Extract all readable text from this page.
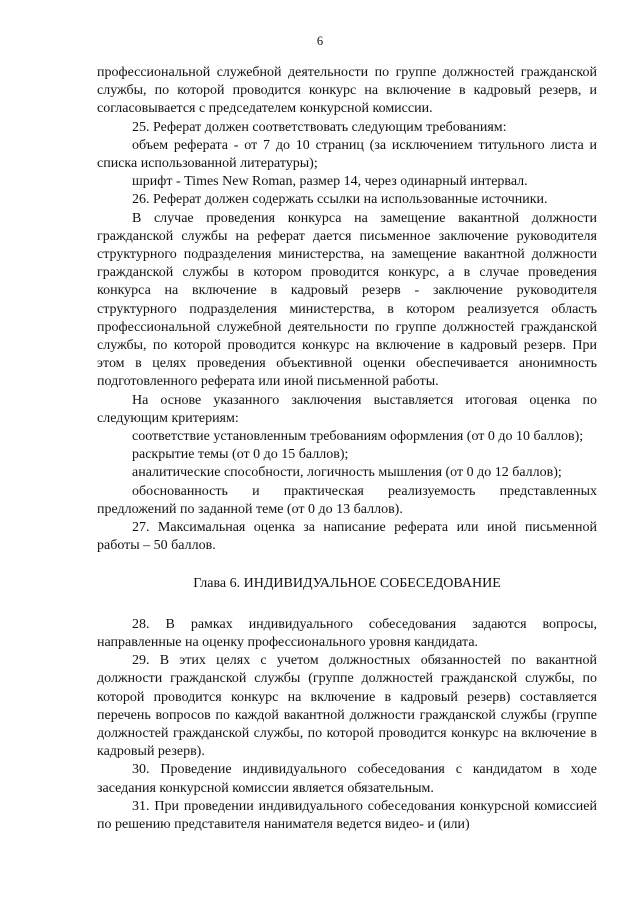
6

профессиональной служебной деятельности по группе должностей гражданской службы, по которой проводится конкурс на включение в кадровый резерв, и согласовывается с председателем конкурсной комиссии.

25. Реферат должен соответствовать следующим требованиям:

объем реферата - от 7 до 10 страниц (за исключением титульного листа и списка использованной литературы);

шрифт - Times New Roman, размер 14, через одинарный интервал.

26. Реферат должен содержать ссылки на использованные источники.

В случае проведения конкурса на замещение вакантной должности гражданской службы на реферат дается письменное заключение руководителя структурного подразделения министерства, на замещение вакантной должности гражданской службы в котором проводится конкурс, а в случае проведения конкурса на включение в кадровый резерв - заключение руководителя структурного подразделения министерства, в котором реализуется область профессиональной служебной деятельности по группе должностей гражданской службы, по которой проводится конкурс на включение в кадровый резерв. При этом в целях проведения объективной оценки обеспечивается анонимность подготовленного реферата или иной письменной работы.

На основе указанного заключения выставляется итоговая оценка по следующим критериям:

соответствие установленным требованиям оформления (от 0 до 10 баллов);

раскрытие темы (от 0 до 15 баллов);

аналитические способности, логичность мышления (от 0 до 12 баллов);

обоснованность и практическая реализуемость представленных предложений по заданной теме (от 0 до 13 баллов).

27. Максимальная оценка за написание реферата или иной письменной работы – 50 баллов.

Глава 6. ИНДИВИДУАЛЬНОЕ СОБЕСЕДОВАНИЕ

28. В рамках индивидуального собеседования задаются вопросы, направленные на оценку профессионального уровня кандидата.

29. В этих целях с учетом должностных обязанностей по вакантной должности гражданской службы (группе должностей гражданской службы, по которой проводится конкурс на включение в кадровый резерв) составляется перечень вопросов по каждой вакантной должности гражданской службы (группе должностей гражданской службы, по которой проводится конкурс на включение в кадровый резерв).

30. Проведение индивидуального собеседования с кандидатом в ходе заседания конкурсной комиссии является обязательным.

31. При проведении индивидуального собеседования конкурсной комиссией по решению представителя нанимателя ведется видео- и (или)
